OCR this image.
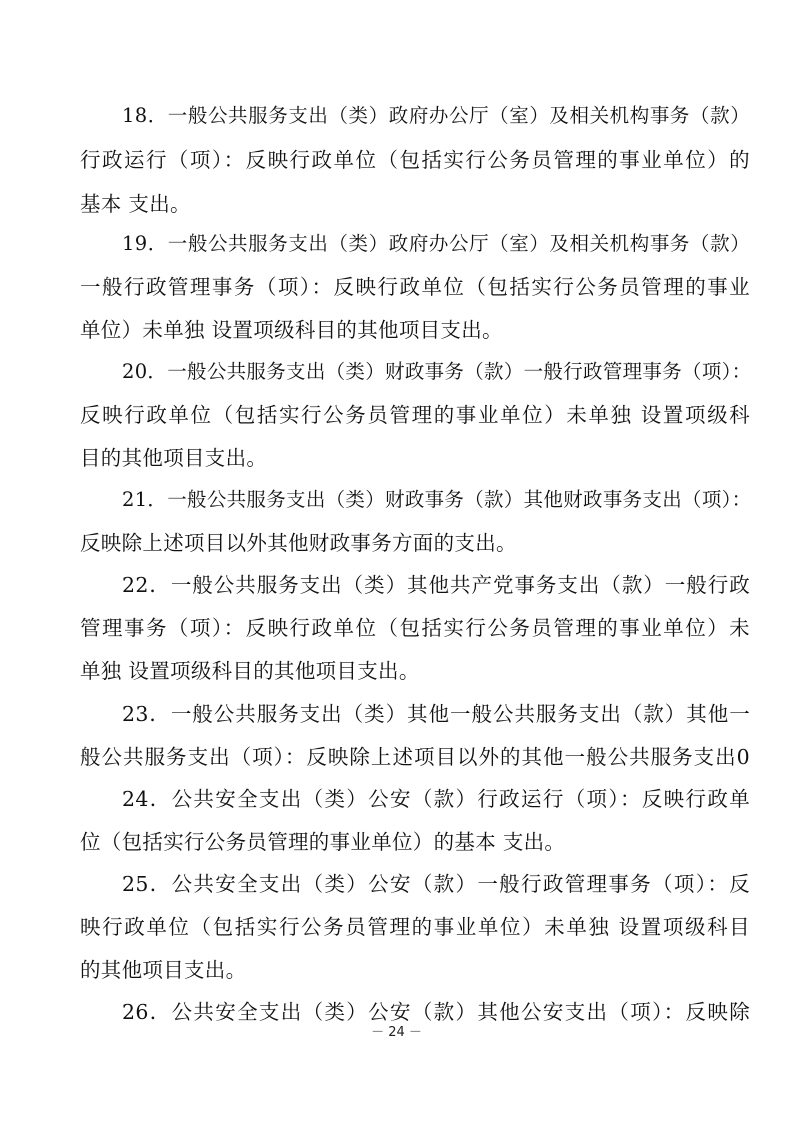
18．一般公共服务支出（类）政府办公厅（室）及相关机构事务（款）
行政运行（项）：反映行政单位（包括实行公务员管理的事业单位）的
基本 支出。
19．一般公共服务支出（类）政府办公厅（室）及相关机构事务（款）
一般行政管理事务（项）：反映行政单位（包括实行公务员管理的事业
单位）未单独 设置项级科目的其他项目支出。
20．一般公共服务支出（类）财政事务（款）一般行政管理事务（项）：
反映行政单位（包括实行公务员管理的事业单位）未单独 设置项级科
目的其他项目支出。
21．一般公共服务支出（类）财政事务（款）其他财政事务支出（项）：
反映除上述项目以外其他财政事务方面的支出。
22．一般公共服务支出（类）其他共产党事务支出（款）一般行政
管理事务（项）：反映行政单位（包括实行公务员管理的事业单位）未
单独 设置项级科目的其他项目支出。
23．一般公共服务支出（类）其他一般公共服务支出（款）其他一
般公共服务支出（项）：反映除上述项目以外的其他一般公共服务支出0
24．公共安全支出（类）公安（款）行政运行（项）：反映行政单
位（包括实行公务员管理的事业单位）的基本 支出。
25．公共安全支出（类）公安（款）一般行政管理事务（项）：反
映行政单位（包括实行公务员管理的事业单位）未单独 设置项级科目
的其他项目支出。
26．公共安全支出（类）公安（款）其他公安支出（项）：反映除
－ 24 －
